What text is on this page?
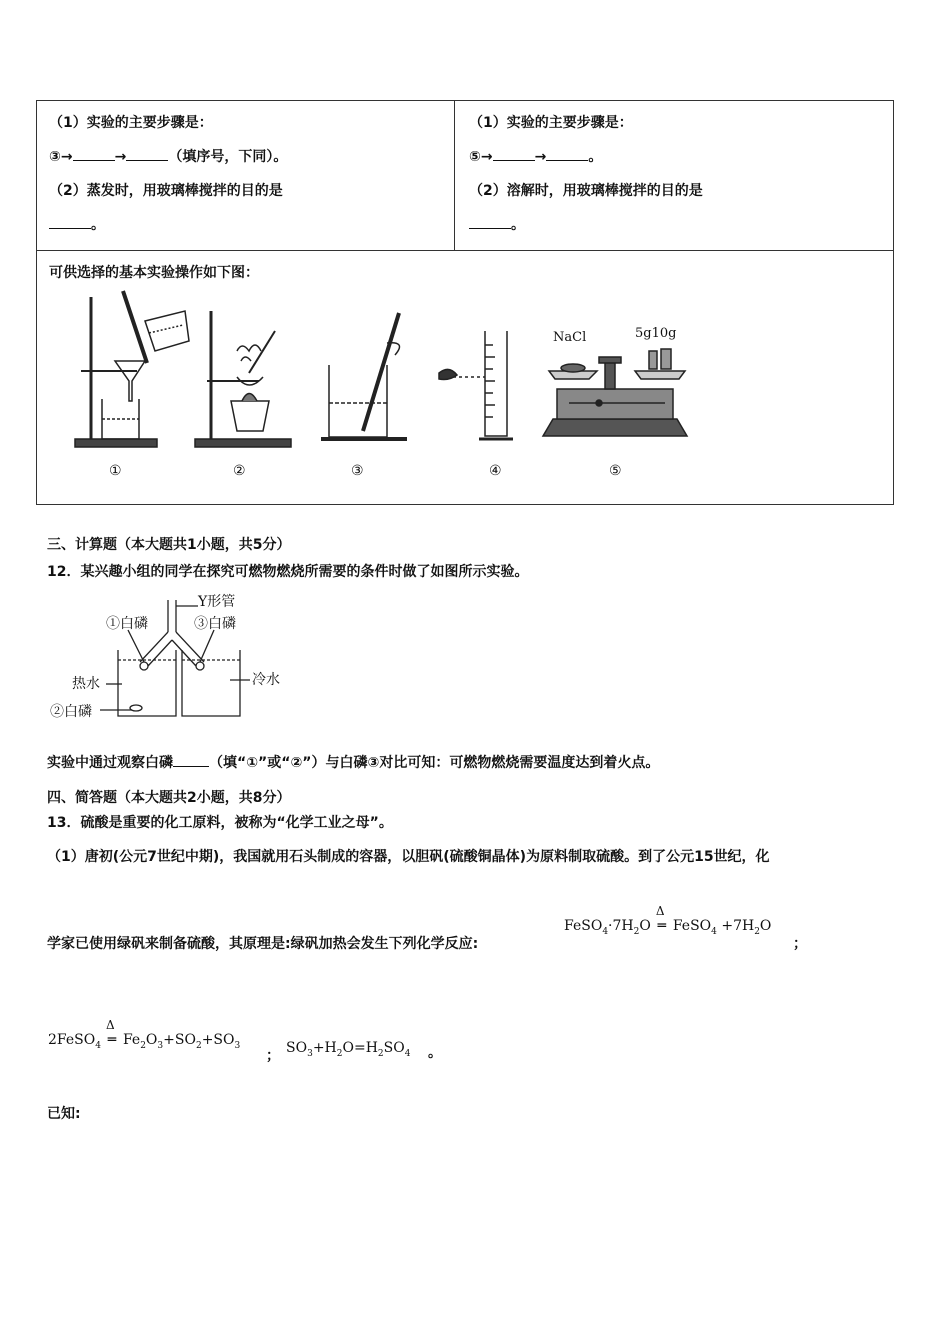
（1）实验的主要步骤是：
③→	→	（填序号，下同）。
（2）蒸发时，用玻璃棒搅拌的目的是
。
（1）实验的主要步骤是：
⑤→	→	。
（2）溶解时，用玻璃棒搅拌的目的是
。
可供选择的基本实验操作如下图：
NaCl	5g10g
①	②	③	④	⑤
三、计算题（本大题共1小题，共5分）
12．某兴趣小组的同学在探究可燃物燃烧所需要的条件时做了如图所示实验。
Y形管
①白磷	③白磷
热水	冷水
②白磷
实验中通过观察白磷	（填“①”或“②”）与白磷③对比可知：可燃物燃烧需要温度达到着火点。
四、简答题（本大题共2小题，共8分）
13．硫酸是重要的化工原料，被称为“化学工业之母”。
（1）唐初(公元7世纪中期)，我国就用石头制成的容器，以胆矾(硫酸铜晶体)为原料制取硫酸。到了公元15世纪，化
学家已使用绿矾来制备硫酸，其原理是:绿矾加热会发生下列化学反应:
$FeSO_4\cdot 7H_2O$
Δ
═ FeSO$_4$ $+7H_2O$
；
2FeSO$_4$
Δ
═ $Fe_2O_3+SO_2+SO_3$
； $SO_3+H_2O=H_2SO_4$ 。
已知:
